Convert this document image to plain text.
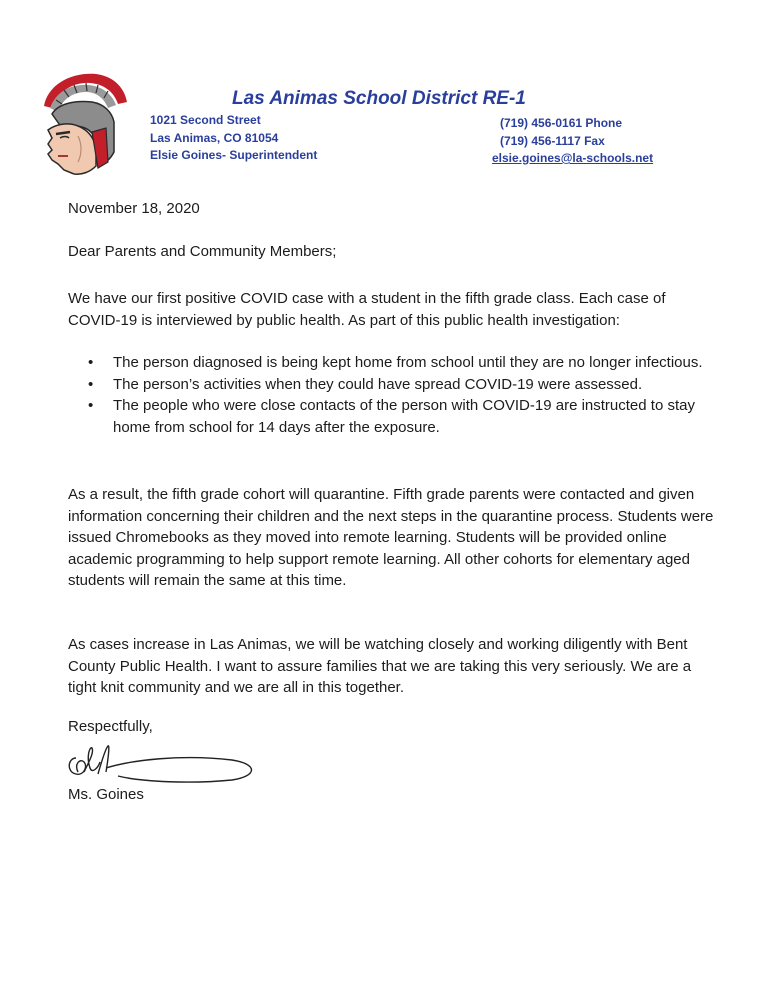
Las Animas School District RE-1
1021 Second Street
Las Animas, CO 81054
Elsie Goines- Superintendent
(719) 456-0161 Phone
(719) 456-1117 Fax
elsie.goines@la-schools.net
November 18, 2020
Dear Parents and Community Members;
We have our first positive COVID case with a student in the fifth grade class. Each case of COVID-19 is interviewed by public health. As part of this public health investigation:
• The person diagnosed is being kept home from school until they are no longer infectious.
• The person’s activities when they could have spread COVID-19 were assessed.
• The people who were close contacts of the person with COVID-19 are instructed to stay home from school for 14 days after the exposure.
As a result, the fifth grade cohort will quarantine. Fifth grade parents were contacted and given information concerning their children and the next steps in the quarantine process. Students were issued Chromebooks as they moved into remote learning. Students will be provided online academic programming to help support remote learning. All other cohorts for elementary aged students will remain the same at this time.
As cases increase in Las Animas, we will be watching closely and working diligently with Bent County Public Health. I want to assure families that we are taking this very seriously. We are a tight knit community and we are all in this together.
Respectfully,
Ms. Goines
